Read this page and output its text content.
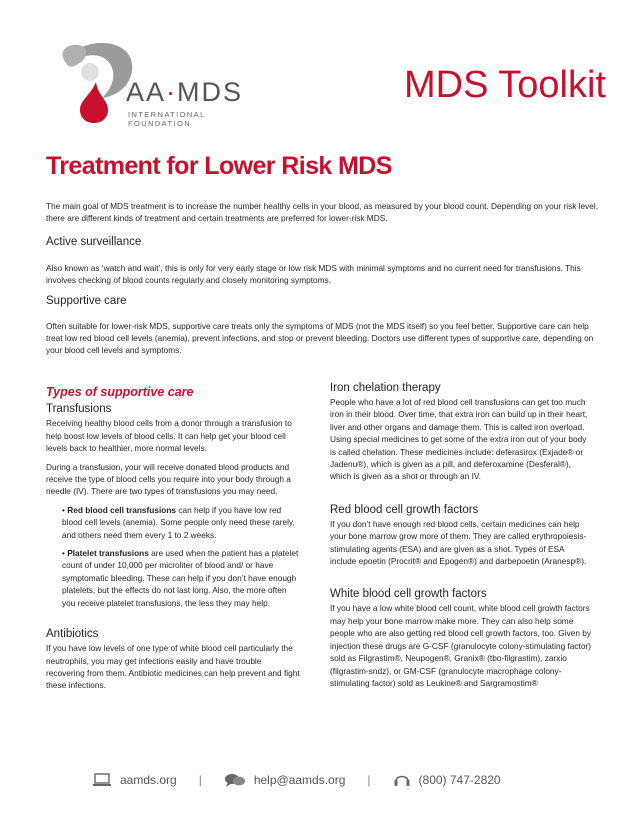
AA·MDS
INTERNATIONAL FOUNDATION
MDS Toolkit
Treatment for Lower Risk MDS
The main goal of MDS treatment is to increase the number healthy cells in your blood, as measured by your blood count. Depending on your risk level, there are different kinds of treatment and certain treatments are preferred for lower-risk MDS.
Active surveillance
Also known as ‘watch and wait’, this is only for very early stage or low risk MDS with minimal symptoms and no current need for transfusions. This involves checking of blood counts regularly and closely monitoring symptoms.
Supportive care
Often suitable for lower-risk MDS, supportive care treats only the symptoms of MDS (not the MDS itself) so you feel better. Supportive care can help treat low red blood cell levels (anemia), prevent infections, and stop or prevent bleeding. Doctors use different types of supportive care, depending on your blood cell levels and symptoms.
Types of supportive care
Transfusions

Receiving healthy blood cells from a donor through a transfusion to help boost low levels of blood cells. It can help get your blood cell levels back to healthier, more normal levels.

During a transfusion, your will receive donated blood products and receive the type of blood cells you require into your body through a needle (IV). There are two types of transfusions you may need.

• Red blood cell transfusions can help if you have low red blood cell levels (anemia). Some people only need these rarely, and others need them every 1 to 2 weeks.
• Platelet transfusions are used when the patient has a platelet count of under 10,000 per microliter of blood and/ or have symptomatic bleeding. These can help if you don’t have enough platelets, but the effects do not last long. Also, the more often you receive platelet transfusions, the less they may help.
Antibiotics

If you have low levels of one type of white blood cell particularly the neutrophils, you may get infections easily and have trouble recovering from them. Antibiotic medicines can help prevent and fight these infections.

Iron chelation therapy

People who have a lot of red blood cell transfusions can get too much iron in their blood. Over time, that extra iron can build up in their heart, liver and other organs and damage them. This is called iron overload. Using special medicines to get some of the extra iron out of your body is called chelation. These medicines include: deferasirox (Exjade® or Jadenu®), which is given as a pill, and deferoxamine (Desferal®), which is given as a shot or through an IV.

Red blood cell growth factors

If you don’t have enough red blood cells, certain medicines can help your bone marrow grow more of them. They are called erythropoiesis-stimulating agents (ESA) and are given as a shot. Types of ESA include epoetin (Procrit® and Epogen®) and darbepoetin (Aranesp®).

White blood cell growth factors

If you have a low white blood cell count, white blood cell growth factors may help your bone marrow make more. They can also help some people who are also getting red blood cell growth factors, too. Given by injection these drugs are G-CSF (granulocyte colony-stimulating factor) sold as Filgrastim®, Neupogen®, Granix® (tbo-filgrastim), zarxio (filgrastim-sndz), or GM-CSF (granulocyte macrophage colony-stimulating factor) sold as Leukine® and Sargramostim®

aamds.org |	help@aamds.org |	(800) 747-2820
